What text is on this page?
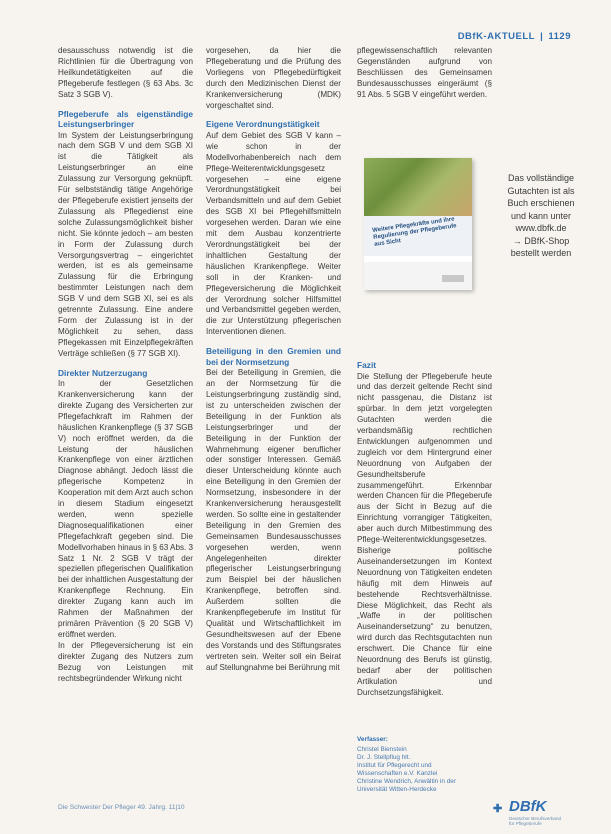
DBfK-AKTUELL | 1129

desausschuss notwendig ist die Richtlinien für die Übertragung von Heilkundetätigkeiten auf die Pflegeberufe festlegen (§ 63 Abs. 3c Satz 3 SGB V).

Pflegeberufe als eigenständige Leistungserbringer

Im System der Leistungserbringung nach dem SGB V und dem SGB XI ist die Tätigkeit als Leistungserbringer an eine Zulassung zur Versorgung geknüpft. Für selbstständig tätige Angehörige der Pflegeberufe existiert jenseits der Zulassung als Pflegedienst eine solche Zulassungsmöglichkeit bisher nicht. Sie könnte jedoch – am besten in Form der Zulassung durch Versorgungsvertrag – eingerichtet werden, ist es als gemeinsame Zulassung für die Erbringung bestimmter Leistungen nach dem SGB V und dem SGB XI, sei es als getrennte Zulassung. Eine andere Form der Zulassung ist in der Möglichkeit zu sehen, dass Pflegekassen mit Einzelpflegekräften Verträge schließen (§ 77 SGB XI).

Direkter Nutzerzugang

In der Gesetzlichen Krankenversicherung kann der direkte Zugang des Versicherten zur Pflegefachkraft im Rahmen der häuslichen Krankenpflege (§ 37 SGB V) noch eröffnet werden, da die Leistung der häuslichen Krankenpflege von einer ärztlichen Diagnose abhängt. Jedoch lässt die pflegerische Kompetenz in Kooperation mit dem Arzt auch schon in diesem Stadium eingesetzt werden, wenn spezielle Diagnosequalifikationen einer Pflegefachkraft gegeben sind. Die Modellvorhaben hinaus in § 63 Abs. 3 Satz 1 Nr. 2 SGB V trägt der speziellen pflegerischen Qualifikation bei der inhaltlichen Ausgestaltung der Krankenpflege Rechnung. Ein direkter Zugang kann auch im Rahmen der Maßnahmen der primären Prävention (§ 20 SGB V) eröffnet werden.

In der Pflegeversicherung ist ein direkter Zugang des Nutzers zum Bezug von Leistungen mit rechtsbegründender Wirkung nicht

vorgesehen, da hier die Pflegeberatung und die Prüfung des Vorliegens von Pflegebedürftigkeit durch den Medizinischen Dienst der Krankenversicherung (MDK) vorgeschaltet sind.

Eigene Verordnungstätigkeit

Auf dem Gebiet des SGB V kann – wie schon in der Modellvorhabenbereich nach dem Pflege-Weiterentwicklungsgesetz vorgesehen – eine eigene Verordnungstätigkeit bei Verbandsmitteln und auf dem Gebiet des SGB XI bei Pflegehilfsmitteln vorgesehen werden. Daran wie eine mit dem Ausbau konzentrierte Verordnungstätigkeit bei der inhaltlichen Gestaltung der häuslichen Krankenpflege. Weiter soll in der Kranken- und Pflegeversicherung die Möglichkeit der Verordnung solcher Hilfsmittel und Verbandsmittel gegeben werden, die zur Unterstützung pflegerischen Interventionen dienen.

Beteiligung in den Gremien und bei der Normsetzung

Bei der Beteiligung in Gremien, die an der Normsetzung für die Leistungserbringung zuständig sind, ist zu unterscheiden zwischen der Beteiligung in der Funktion als Leistungserbringer und der Beteiligung in der Funktion der Wahrnehmung eigener beruflicher oder sonstiger Interessen. Gemäß dieser Unterscheidung könnte auch eine Beteiligung in den Gremien der Normsetzung, insbesondere in der Krankenversicherung herausgestellt werden. So sollte eine in gestaltender Beteiligung in den Gremien des Gemeinsamen Bundesausschusses vorgesehen werden, wenn Angelegenheiten direkter pflegerischer Leistungserbringung zum Beispiel bei der häuslichen Krankenpflege, betroffen sind. Außerdem sollten die Krankenpflegeberufe im Institut für Qualität und Wirtschaftlichkeit im Gesundheitswesen auf der Ebene des Vorstands und des Stiftungsrates vertreten sein. Weiter soll ein Beirat auf Stellungnahme bei Berührung mit

pflegewissenschaftlich relevanten Gegenständen aufgrund von Beschlüssen des Gemeinsamen Bundesausschusses eingeräumt (§ 91 Abs. 5 SGB V eingeführt werden.

Weitere Pflegekräfte und ihre Regulierung der Pflegeberufe aus Sicht
Das vollständige
Gutachten ist als
Buch erschienen
und kann unter
www.dbfk.de
→ DBfK-Shop
bestellt werden
Fazit

Die Stellung der Pflegeberufe heute und das derzeit geltende Recht sind nicht passgenau, die Distanz ist spürbar. In dem jetzt vorgelegten Gutachten werden die verbandsmäßig rechtlichen Entwicklungen aufgenommen und zugleich vor dem Hintergrund einer Neuordnung von Aufgaben der Gesundheitsberufe zusammengeführt. Erkennbar werden Chancen für die Pflegeberufe aus der Sicht in Bezug auf die Einrichtung vorrangiger Tätigkeiten, aber auch durch Mitbestimmung des Pflege-Weiterentwicklungsgesetzes. Bisherige politische Auseinandersetzungen im Kontext Neuordnung von Tätigkeiten endeten häufig mit dem Hinweis auf bestehende Rechtsverhältnisse. Diese Möglichkeit, das Recht als „Waffe in der politischen Auseinandersetzung“ zu benutzen, wird durch das Rechtsgutachten nun erschwert. Die Chance für eine Neuordnung des Berufs ist günstig, bedarf aber der politischen Artikulation und Durchsetzungsfähigkeit.

Verfasser:
Christel Bienstein
Dr. J. Stellpflug hlt.
Institut für Pflegerecht und
Wissenschaften e.V. Kanzlei
Christine Wendrich, Anwältin in der
Universität Witten-Herdecke
Die Schwester Der Pfleger 49. Jahrg. 11|10	✚ DBfK
Deutscher Berufsverband
für Pflegeberufe
